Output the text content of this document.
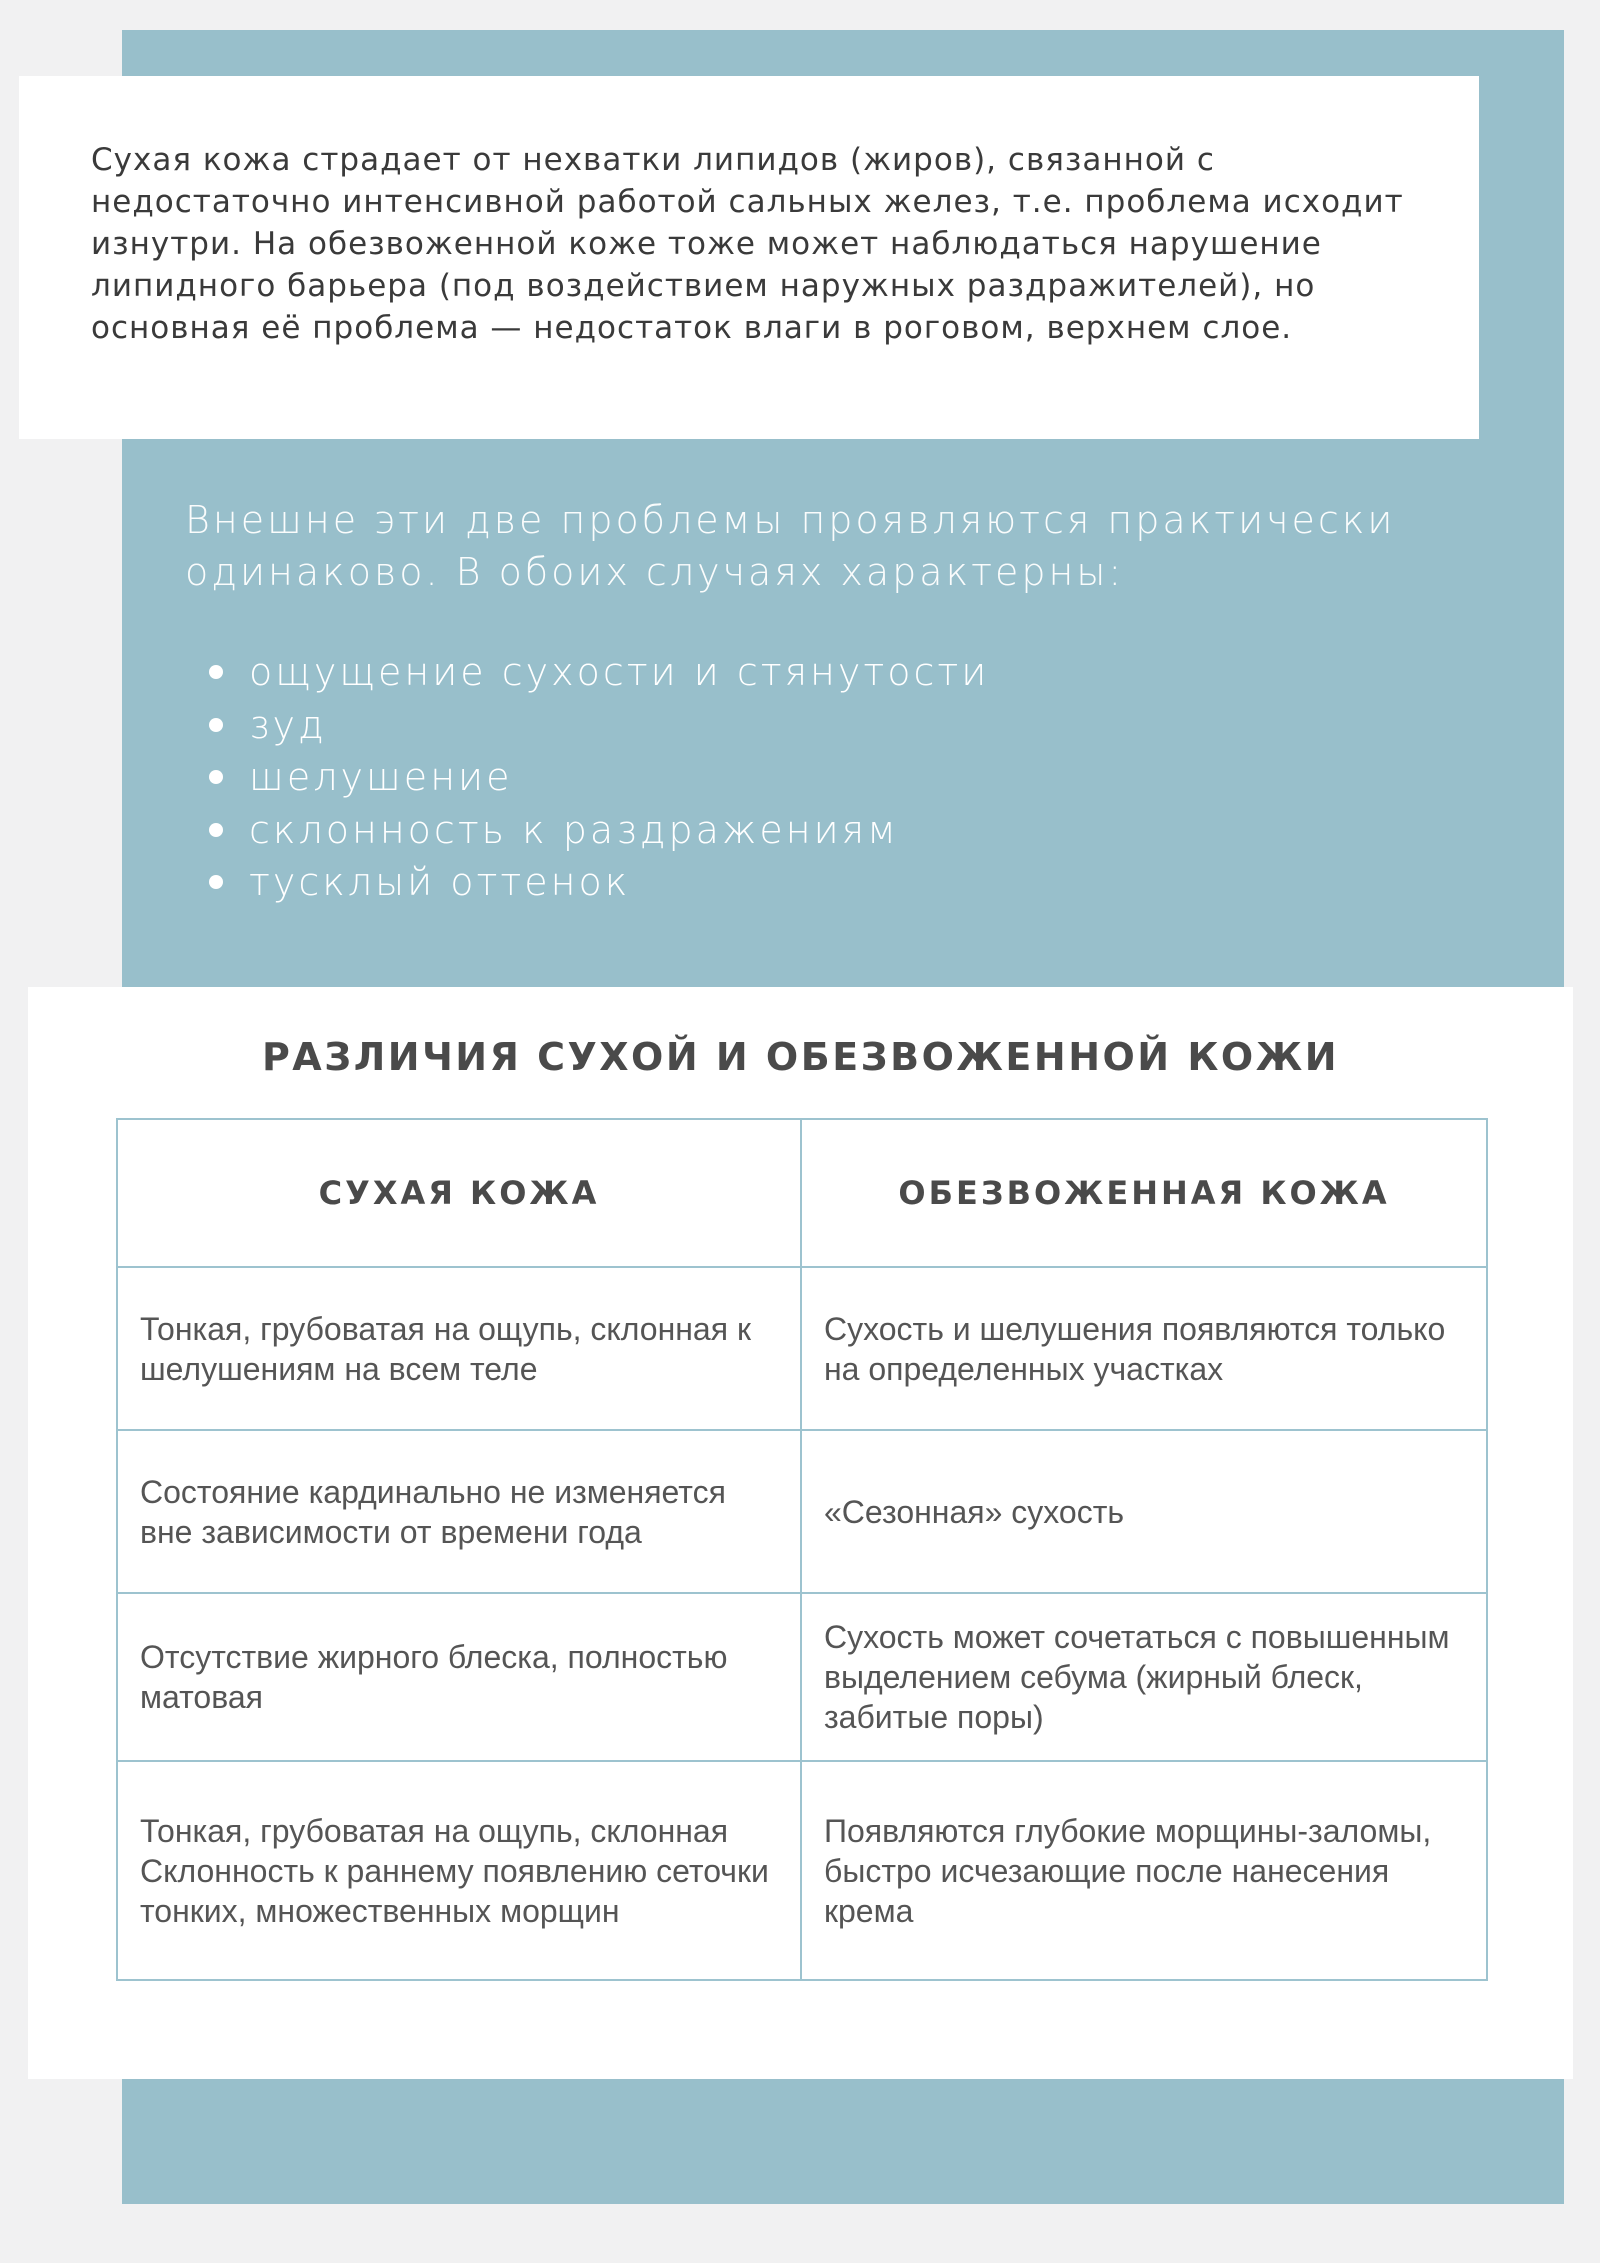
Сухая кожа страдает от нехватки липидов (жиров), связанной с недостаточно интенсивной работой сальных желез, т.е. проблема исходит изнутри. На обезвоженной коже тоже может наблюдаться нарушение липидного барьера (под воздействием наружных раздражителей), но основная её проблема — недостаток влаги в роговом, верхнем слое.

Внешне эти две проблемы проявляются практически одинаково. В обоих случаях характерны:

ощущение сухости и стянутости
зуд
шелушение
склонность к раздражениям
тусклый оттенок
РАЗЛИЧИЯ СУХОЙ И ОБЕЗВОЖЕННОЙ КОЖИ
СУХАЯ КОЖА	ОБЕЗВОЖЕННАЯ КОЖА
Тонкая, грубоватая на ощупь, склонная к шелушениям на всем теле	Сухость и шелушения появляются только на определенных участках
Состояние кардинально не изменяется вне зависимости от времени года	«Сезонная» сухость
Отсутствие жирного блеска, полностью матовая	Сухость может сочетаться с повышенным выделением себума (жирный блеск, забитые поры)
Тонкая, грубоватая на ощупь, склонная Склонность к раннему появлению сеточки тонких, множественных морщин	Появляются глубокие морщины-заломы, быстро исчезающие после нанесения крема
